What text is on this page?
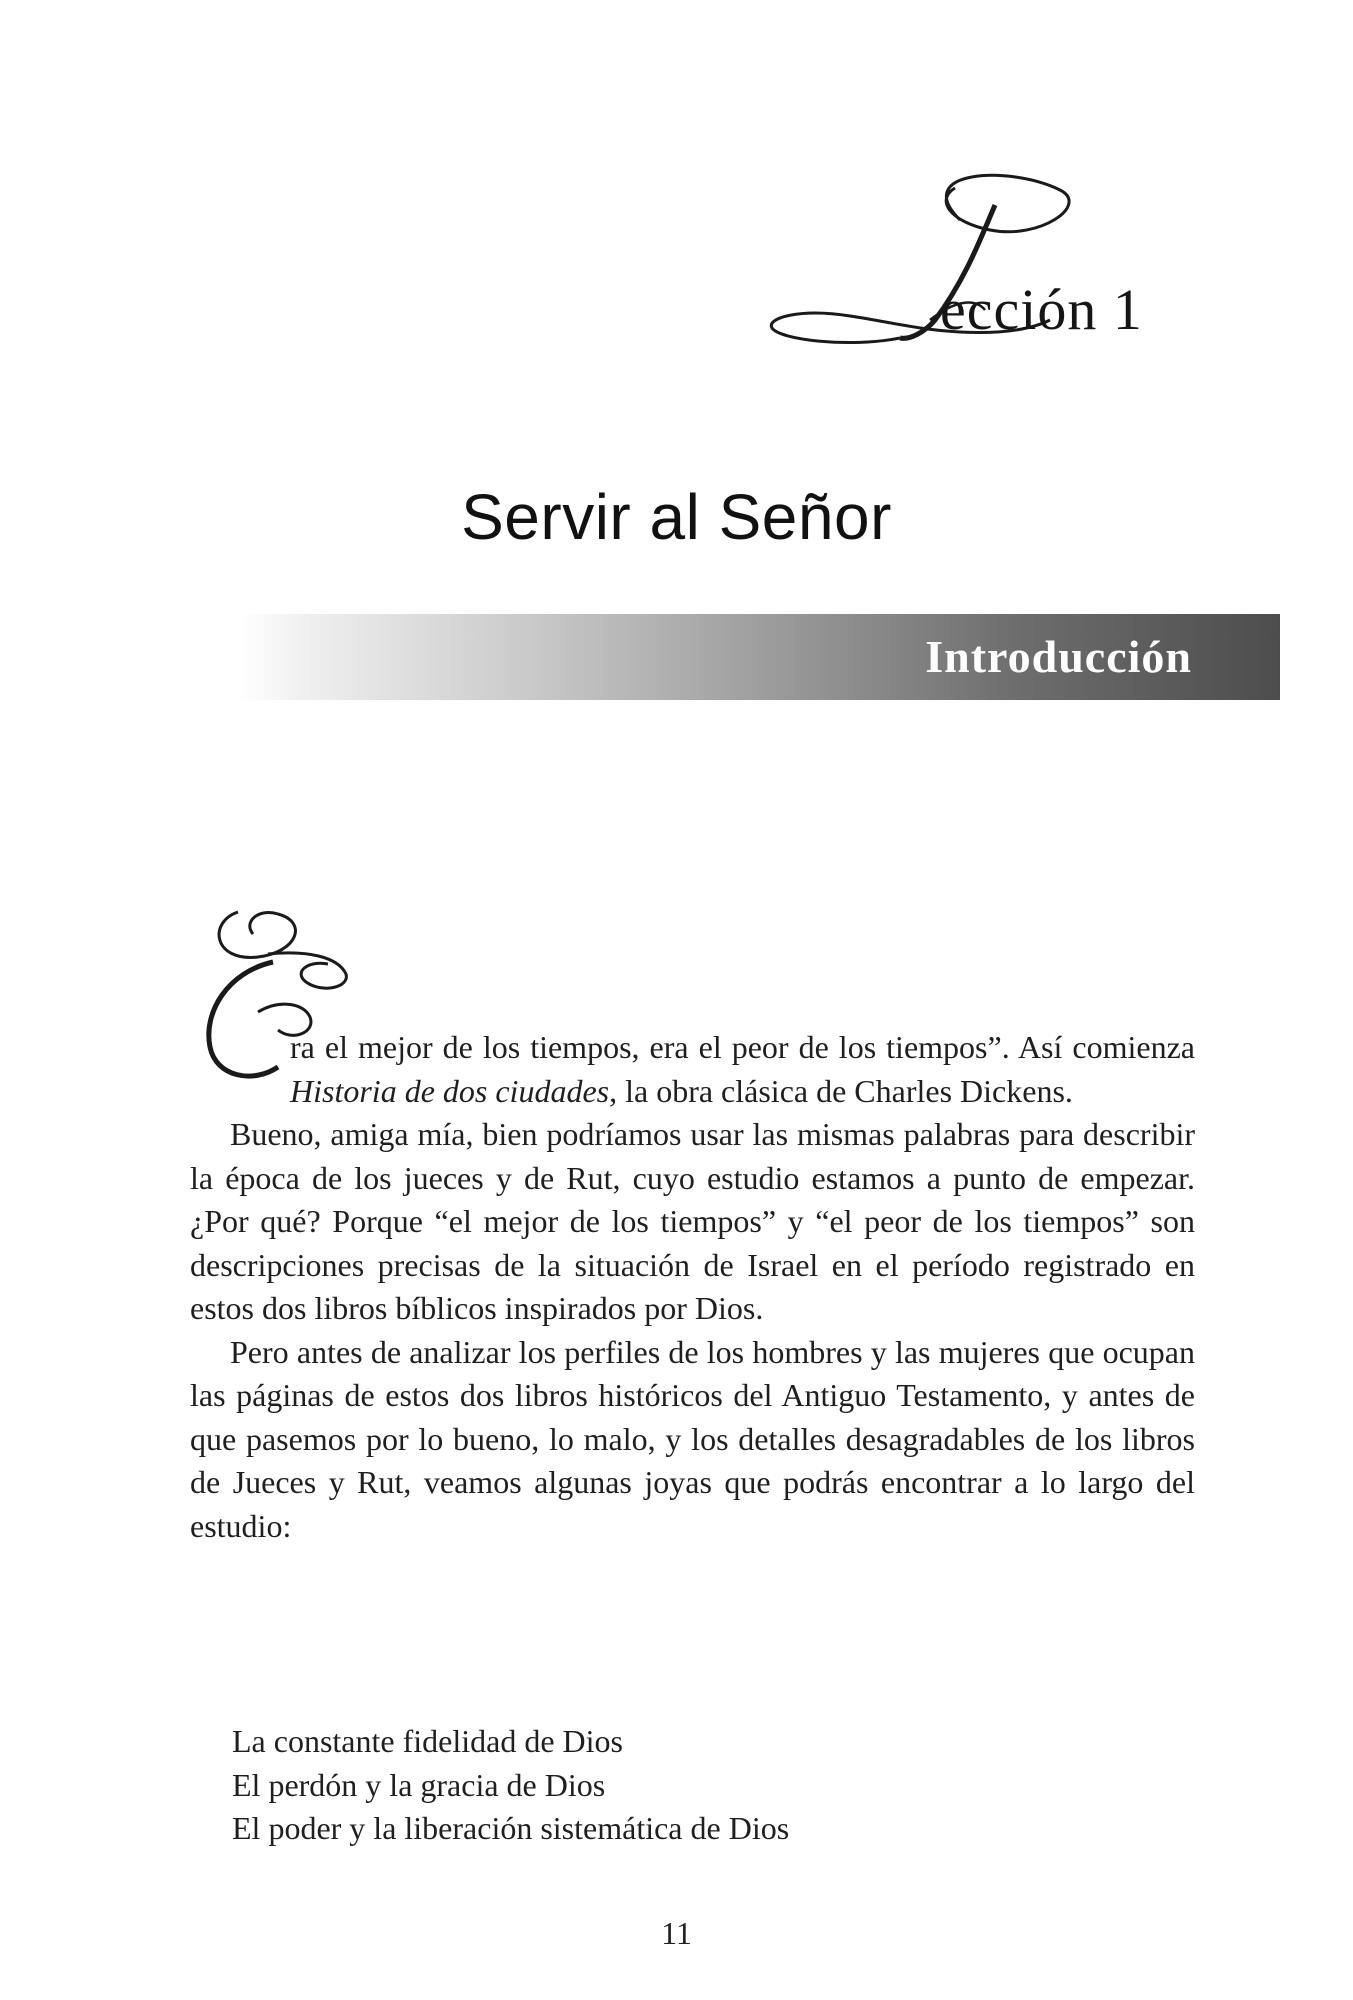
ección 1
Servir al Señor
Introducción

ra el mejor de los tiempos, era el peor de los tiempos”. Así comienza Historia de dos ciudades, la obra clásica de Charles Dickens.

Bueno, amiga mía, bien podríamos usar las mismas palabras para describir la época de los jueces y de Rut, cuyo estudio estamos a punto de empezar. ¿Por qué? Porque “el mejor de los tiempos” y “el peor de los tiempos” son descripciones precisas de la situación de Israel en el período registrado en estos dos libros bíblicos inspirados por Dios.

Pero antes de analizar los perfiles de los hombres y las mujeres que ocupan las páginas de estos dos libros históricos del Antiguo Testamento, y antes de que pasemos por lo bueno, lo malo, y los detalles desagradables de los libros de Jueces y Rut, veamos algunas joyas que podrás encontrar a lo largo del estudio:

La constante fidelidad de Dios
El perdón y la gracia de Dios
El poder y la liberación sistemática de Dios
11
